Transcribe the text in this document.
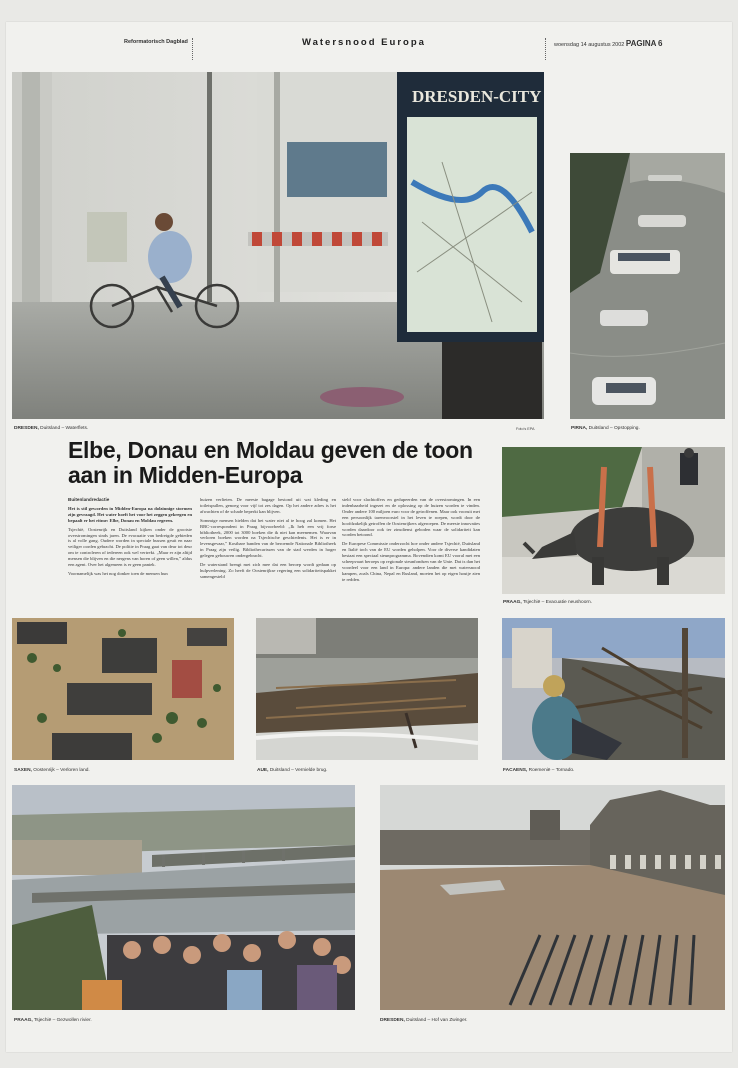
Reformatorisch Dagblad	Watersnood Europa	woensdag 14 augustus 2002 PAGINA 6
DRESDEN-CITY
DRESDEN, Duitsland – Waterflets.	Foto's EPA	PIRNA, Duitsland – Opstopping.
Elbe, Donau en Moldau geven de toon aan in Midden-Europa

Buitenlandredactie

Het is stil geworden in Midden-Europa na dolzinnige stormen zijn gevraagd. Het water hoeft het voor het zeggen gekregen en bepaalt er het ritme: Elbe, Donau en Moldau regeren.

Tsjechië, Oostenrijk en Duitsland kijken onder de grootste overstromingen sinds jaren. De evacuatie van bedreigde gebieden is al volle gang. Oudere worden in speciale bussen geuit en naar veiliger oorden gebracht. De politie in Praag gaat van deur tot deur om te controleren of iedereen ook wel vertrekt. „Maar er zijn altijd mensen die blijven en die nergens van horen of geen willen,” aldus een agent. Over het algemeen is er geen paniek.

Voornamelijk was het nog donker toen de mensen hun

huizen verlieten. De meeste bagage bestond uit wat kleding en toiletspullen, genoeg voor vijf tot zes dagen. Op het andere adres is het afwachten of de schade beperkt kan blijven.

Sommige mensen hielden dat het water niet al te hoog zal komen. Het BBC-correspondent in Praag bijvoorbeeld: „Ik heb een vrij forse bibliotheek, 2000 tot 3000 boeken die ik niet kan meenemen. Waarvan verloren boeken worden na Tsjechische geschiedenis. Het is er in levensgevaar,” Kostbare banden van de beroemde Nationale Bibliotheek in Praag zijn veilig. Bibliothecarissen van de stad werden in hoger gelegen gebouwen ondergebracht.

De waterstand brengt met zich mee dat een beroep wordt gedaan op hulpverlening. Zo heeft de Oostenrijkse regering een solidariteitspakket samengesteld

steld voor slachtoffers en gedupeerden van de overstromingen. In een indenbaarheid ingezet en de oplossing op de huizen worden te vinden. Onder andere 100 miljoen euro voor de getroffenen. Maar ook vooruit met een persoonlijk tarenvoorstel in het leven te roepen, wordt door de hoofdzakelijk getroffen de Oostenrijkers afgeroepen. De meeste innovaties worden daardoor ook ter zinsdienst geboden waar de solidariteit kan worden betoond.

De Europese Commissie onderzocht hoe onder andere Tsjechië, Duitsland en Italië toch van de EU worden geholpen. Voor de diverse kandidaten bestaat een speciaal steunprogramma. Bovendien komt EU vooral met een scheepvaart beroeps op regionale steunfondsen van de Unie. Dat is dan het voordeel voor een land in Europa: andere landen die met watersnood kampen, zoals China, Nepal en Rusland, moeten het op eigen houtje zien te redden.

PRAAG, Tsjechië – Evacuatie neushoorn.
SAXEN, Oostenrijk – Verloren land.	AUE, Duitsland – Vernielde brug.	FACAENS, Roemenië – Tornado.
PRAAG, Tsjechië – Gezwollen rivier.	DRESDEN, Duitsland – Hof van Zwinger.
